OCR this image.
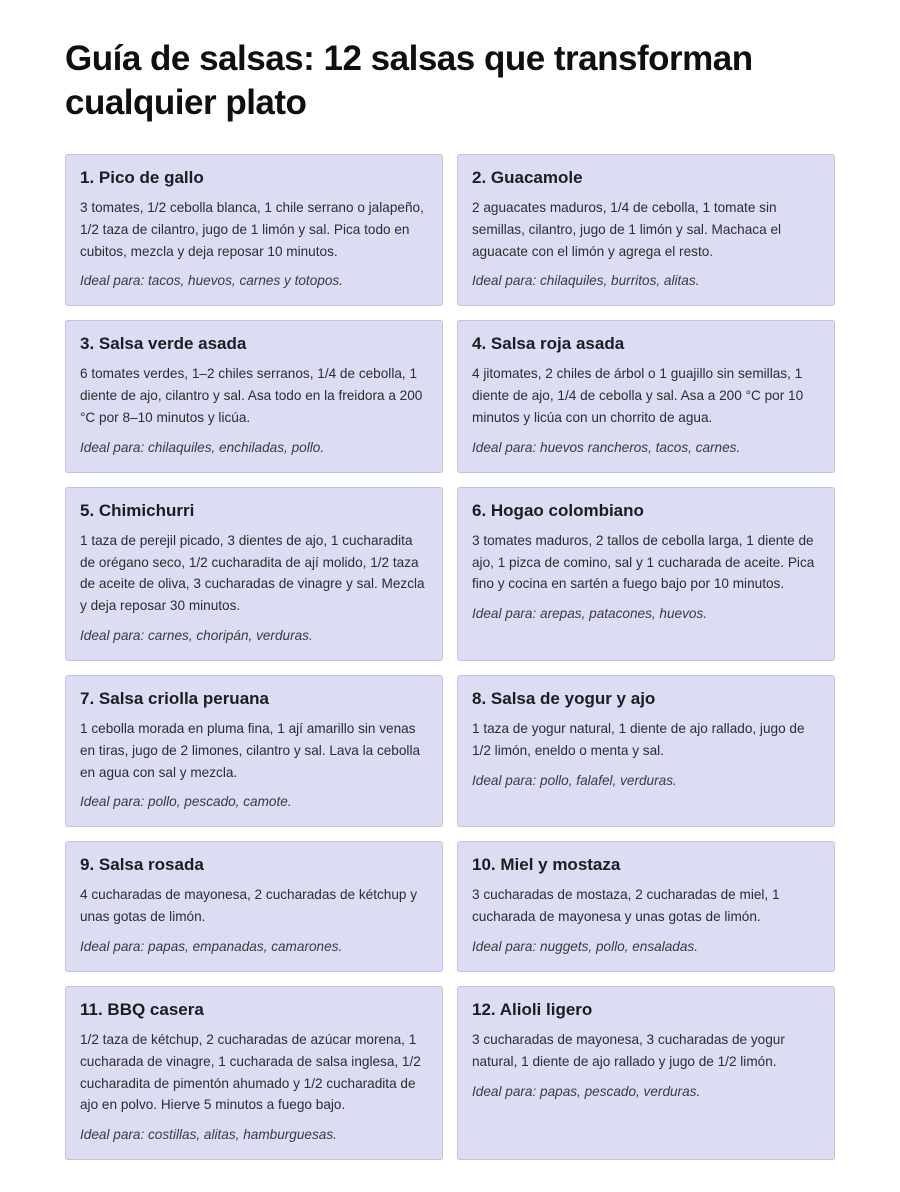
Guía de salsas: 12 salsas que transforman cualquier plato
1. Pico de gallo

3 tomates, 1/2 cebolla blanca, 1 chile serrano o jalapeño, 1/2 taza de cilantro, jugo de 1 limón y sal. Pica todo en cubitos, mezcla y deja reposar 10 minutos.

Ideal para: tacos, huevos, carnes y totopos.

2. Guacamole

2 aguacates maduros, 1/4 de cebolla, 1 tomate sin semillas, cilantro, jugo de 1 limón y sal. Machaca el aguacate con el limón y agrega el resto.

Ideal para: chilaquiles, burritos, alitas.

3. Salsa verde asada

6 tomates verdes, 1–2 chiles serranos, 1/4 de cebolla, 1 diente de ajo, cilantro y sal. Asa todo en la freidora a 200 °C por 8–10 minutos y licúa.

Ideal para: chilaquiles, enchiladas, pollo.

4. Salsa roja asada

4 jitomates, 2 chiles de árbol o 1 guajillo sin semillas, 1 diente de ajo, 1/4 de cebolla y sal. Asa a 200 °C por 10 minutos y licúa con un chorrito de agua.

Ideal para: huevos rancheros, tacos, carnes.

5. Chimichurri

1 taza de perejil picado, 3 dientes de ajo, 1 cucharadita de orégano seco, 1/2 cucharadita de ají molido, 1/2 taza de aceite de oliva, 3 cucharadas de vinagre y sal. Mezcla y deja reposar 30 minutos.

Ideal para: carnes, choripán, verduras.

6. Hogao colombiano

3 tomates maduros, 2 tallos de cebolla larga, 1 diente de ajo, 1 pizca de comino, sal y 1 cucharada de aceite. Pica fino y cocina en sartén a fuego bajo por 10 minutos.

Ideal para: arepas, patacones, huevos.

7. Salsa criolla peruana

1 cebolla morada en pluma fina, 1 ají amarillo sin venas en tiras, jugo de 2 limones, cilantro y sal. Lava la cebolla en agua con sal y mezcla.

Ideal para: pollo, pescado, camote.

8. Salsa de yogur y ajo

1 taza de yogur natural, 1 diente de ajo rallado, jugo de 1/2 limón, eneldo o menta y sal.

Ideal para: pollo, falafel, verduras.

9. Salsa rosada

4 cucharadas de mayonesa, 2 cucharadas de kétchup y unas gotas de limón.

Ideal para: papas, empanadas, camarones.

10. Miel y mostaza

3 cucharadas de mostaza, 2 cucharadas de miel, 1 cucharada de mayonesa y unas gotas de limón.

Ideal para: nuggets, pollo, ensaladas.

11. BBQ casera

1/2 taza de kétchup, 2 cucharadas de azúcar morena, 1 cucharada de vinagre, 1 cucharada de salsa inglesa, 1/2 cucharadita de pimentón ahumado y 1/2 cucharadita de ajo en polvo. Hierve 5 minutos a fuego bajo.

Ideal para: costillas, alitas, hamburguesas.

12. Alioli ligero

3 cucharadas de mayonesa, 3 cucharadas de yogur natural, 1 diente de ajo rallado y jugo de 1/2 limón.

Ideal para: papas, pescado, verduras.
